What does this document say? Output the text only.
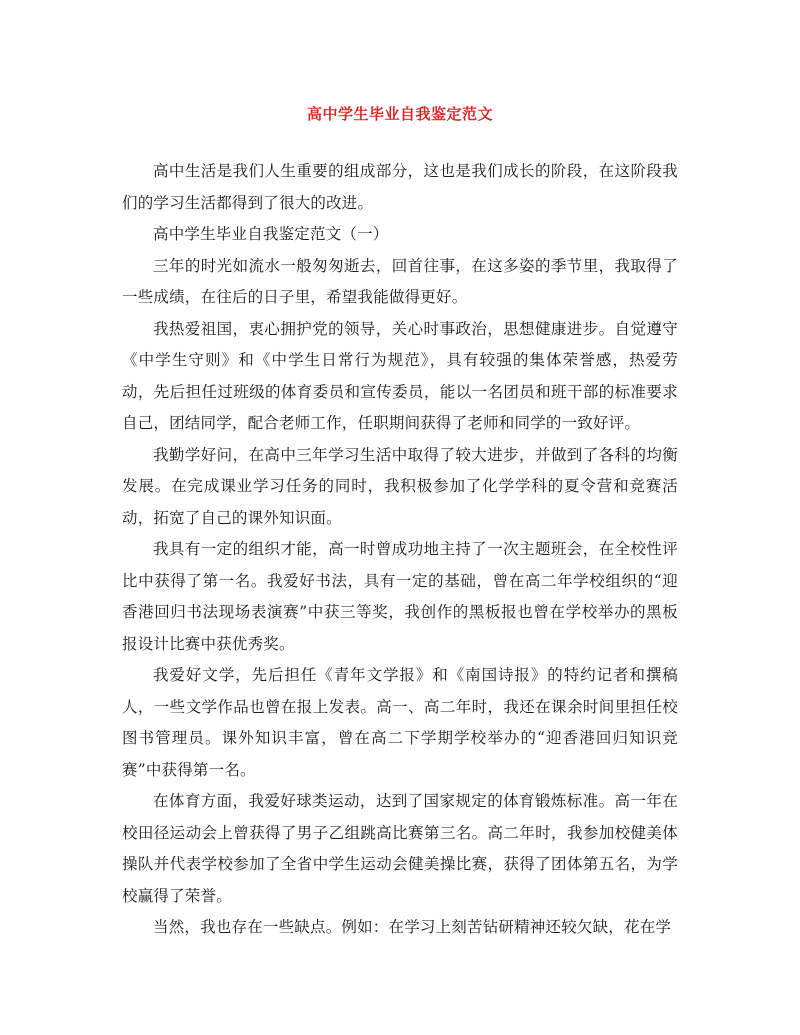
高中学生毕业自我鉴定范文

高中生活是我们人生重要的组成部分，这也是我们成长的阶段，在这阶段我们的学习生活都得到了很大的改进。

高中学生毕业自我鉴定范文（一）

三年的时光如流水一般匆匆逝去，回首往事，在这多姿的季节里，我取得了一些成绩，在往后的日子里，希望我能做得更好。

我热爱祖国，衷心拥护党的领导，关心时事政治，思想健康进步。自觉遵守《中学生守则》和《中学生日常行为规范》，具有较强的集体荣誉感，热爱劳动，先后担任过班级的体育委员和宣传委员，能以一名团员和班干部的标准要求自己，团结同学，配合老师工作，任职期间获得了老师和同学的一致好评。

我勤学好问，在高中三年学习生活中取得了较大进步，并做到了各科的均衡发展。在完成课业学习任务的同时，我积极参加了化学学科的夏令营和竞赛活动，拓宽了自己的课外知识面。

我具有一定的组织才能，高一时曾成功地主持了一次主题班会，在全校性评比中获得了第一名。我爱好书法，具有一定的基础，曾在高二年学校组织的“迎香港回归书法现场表演赛”中获三等奖，我创作的黑板报也曾在学校举办的黑板报设计比赛中获优秀奖。

我爱好文学，先后担任《青年文学报》和《南国诗报》的特约记者和撰稿人，一些文学作品也曾在报上发表。高一、高二年时，我还在课余时间里担任校图书管理员。课外知识丰富，曾在高二下学期学校举办的“迎香港回归知识竞赛”中获得第一名。

在体育方面，我爱好球类运动，达到了国家规定的体育锻炼标准。高一年在校田径运动会上曾获得了男子乙组跳高比赛第三名。高二年时，我参加校健美体操队并代表学校参加了全省中学生运动会健美操比赛，获得了团体第五名，为学校赢得了荣誉。

当然，我也存在一些缺点。例如：在学习上刻苦钻研精神还较欠缺，花在学
